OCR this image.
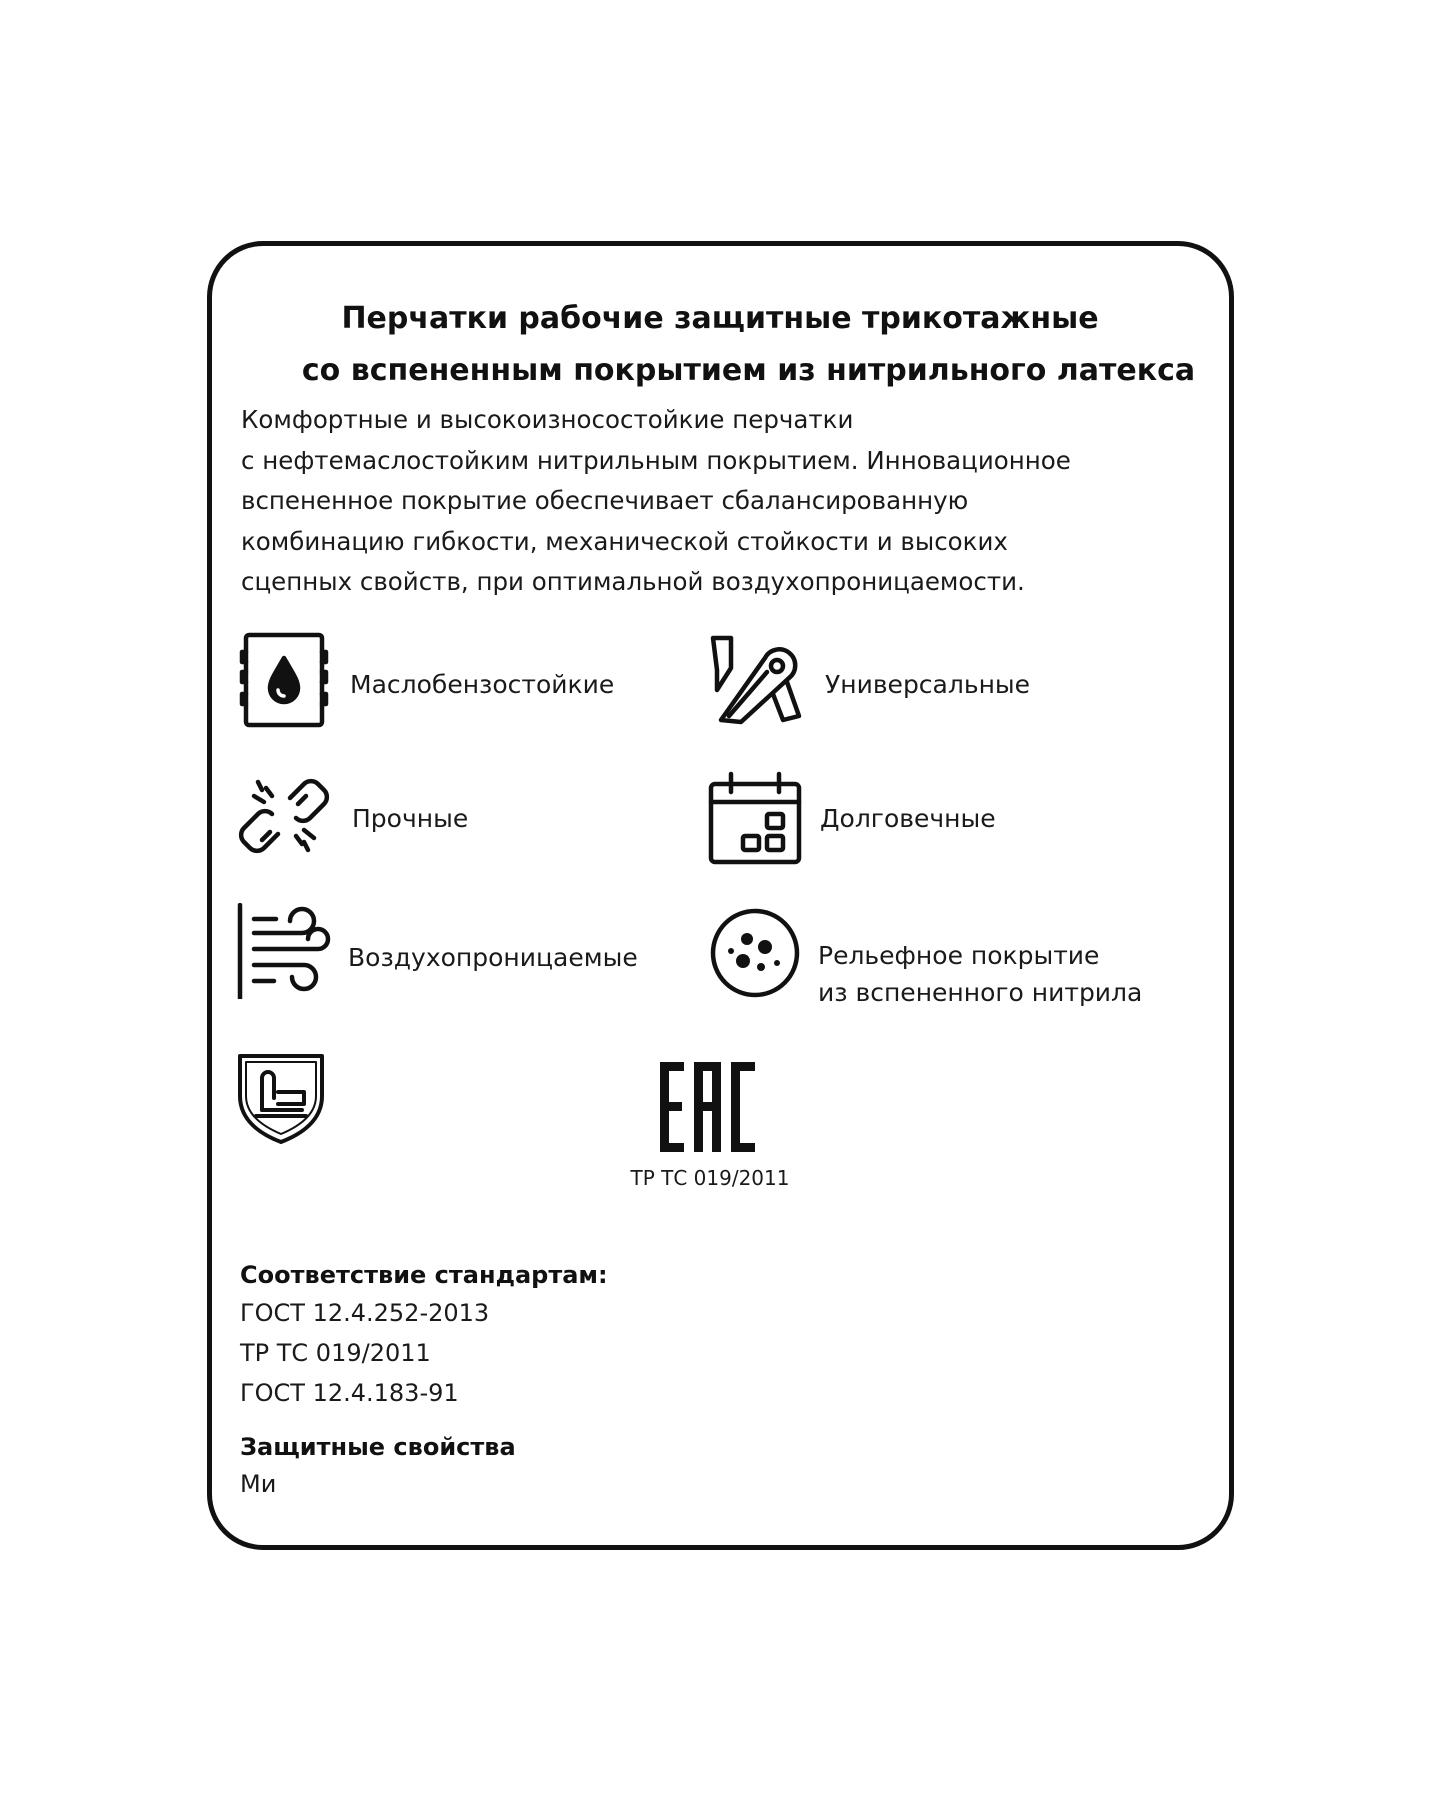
Перчатки рабочие защитные трикотажные
со вспененным покрытием из нитрильного латекса
Комфортные и высокоизносостойкие перчатки
с нефтемаслостойким нитрильным покрытием. Инновационное
вспененное покрытие обеспечивает сбалансированную
комбинацию гибкости, механической стойкости и высоких
сцепных свойств, при оптимальной воздухопроницаемости.
Маслобензостойкие	Универсальные
Прочные	Долговечные
Воздухопроницаемые	Рельефное покрытие
из вспененного нитрила
ТР ТС 019/2011
Соответствие стандартам:
ГОСТ 12.4.252-2013
ТР ТС 019/2011
ГОСТ 12.4.183-91
Защитные свойства
Ми
